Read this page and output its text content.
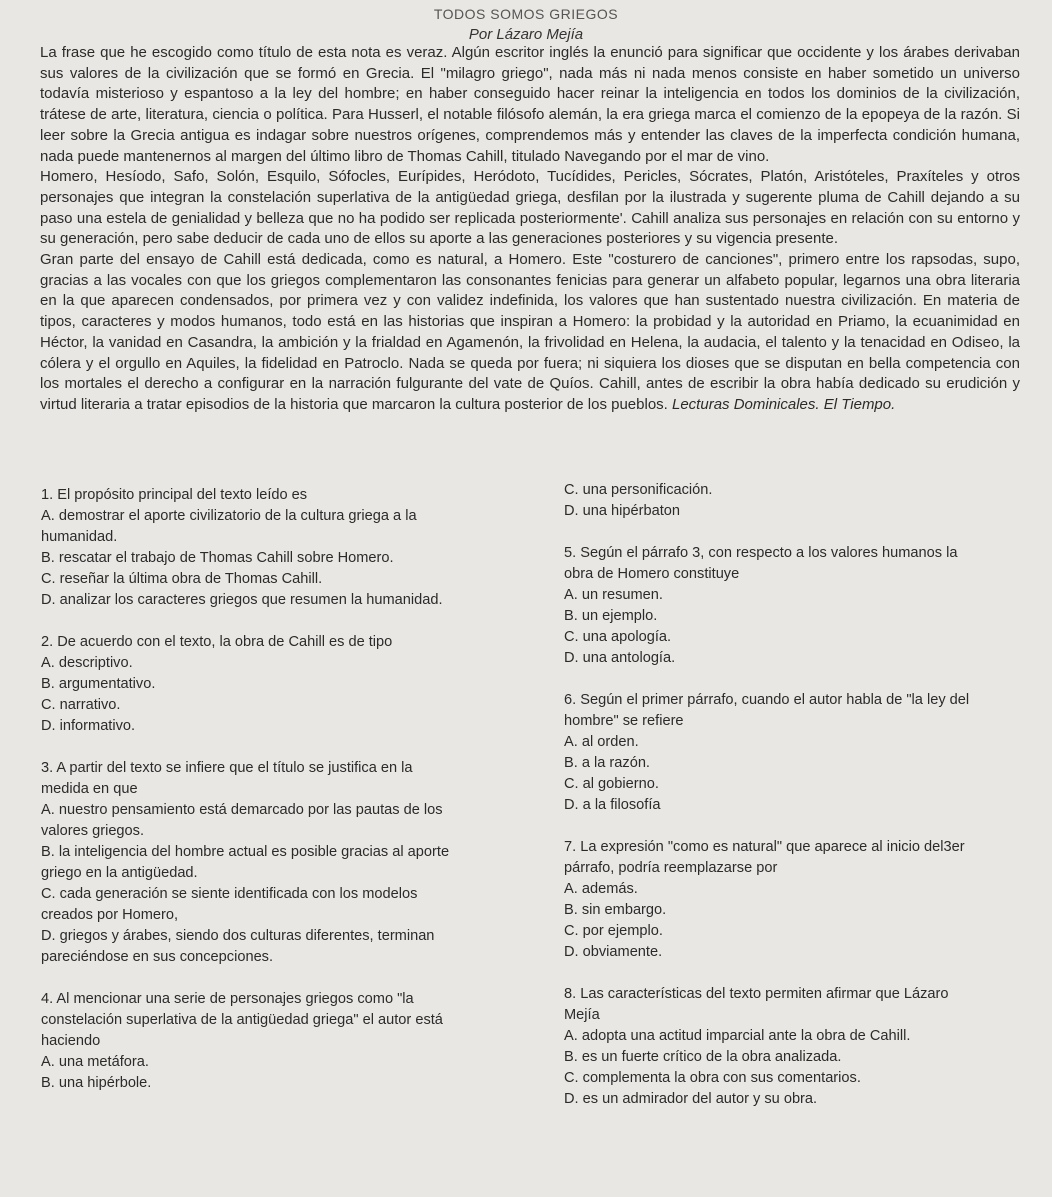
TODOS SOMOS GRIEGOS
Por Lázaro Mejía

La frase que he escogido como título de esta nota es veraz. Algún escritor inglés la enunció para significar que occidente y los árabes derivaban sus valores de la civilización que se formó en Grecia. El "milagro griego", nada más ni nada menos consiste en haber sometido un universo todavía misterioso y espantoso a la ley del hombre; en haber conseguido hacer reinar la inteligencia en todos los dominios de la civilización, trátese de arte, literatura, ciencia o política. Para Husserl, el notable filósofo alemán, la era griega marca el comienzo de la epopeya de la razón. Si leer sobre la Grecia antigua es indagar sobre nuestros orígenes, comprendemos más y entender las claves de la imperfecta condición humana, nada puede mantenernos al margen del último libro de Thomas Cahill, titulado Navegando por el mar de vino.

Homero, Hesíodo, Safo, Solón, Esquilo, Sófocles, Eurípides, Heródoto, Tucídides, Pericles, Sócrates, Platón, Aristóteles, Praxíteles y otros personajes que integran la constelación superlativa de la antigüedad griega, desfilan por la ilustrada y sugerente pluma de Cahill dejando a su paso una estela de genialidad y belleza que no ha podido ser replicada posteriormente'. Cahill analiza sus personajes en relación con su entorno y su generación, pero sabe deducir de cada uno de ellos su aporte a las generaciones posteriores y su vigencia presente.

Gran parte del ensayo de Cahill está dedicada, como es natural, a Homero. Este "costurero de canciones", primero entre los rapsodas, supo, gracias a las vocales con que los griegos complementaron las consonantes fenicias para generar un alfabeto popular, legarnos una obra literaria en la que aparecen condensados, por primera vez y con validez indefinida, los valores que han sustentado nuestra civilización. En materia de tipos, caracteres y modos humanos, todo está en las historias que inspiran a Homero: la probidad y la autoridad en Priamo, la ecuanimidad en Héctor, la vanidad en Casandra, la ambición y la frialdad en Agamenón, la frivolidad en Helena, la audacia, el talento y la tenacidad en Odiseo, la cólera y el orgullo en Aquiles, la fidelidad en Patroclo. Nada se queda por fuera; ni siquiera los dioses que se disputan en bella competencia con los mortales el derecho a configurar en la narración fulgurante del vate de Quíos. Cahill, antes de escribir la obra había dedicado su erudición y virtud literaria a tratar episodios de la historia que marcaron la cultura posterior de los pueblos. Lecturas Dominicales. El Tiempo.

1. El propósito principal del texto leído es
A. demostrar el aporte civilizatorio de la cultura griega a la
humanidad.
B. rescatar el trabajo de Thomas Cahill sobre Homero.
C. reseñar la última obra de Thomas Cahill.
D. analizar los caracteres griegos que resumen la humanidad.
2. De acuerdo con el texto, la obra de Cahill es de tipo
A. descriptivo.
B. argumentativo.
C. narrativo.
D. informativo.
3. A partir del texto se infiere que el título se justifica en la
medida en que
A. nuestro pensamiento está demarcado por las pautas de los
valores griegos.
B. la inteligencia del hombre actual es posible gracias al aporte
griego en la antigüedad.
C. cada generación se siente identificada con los modelos
creados por Homero,
D. griegos y árabes, siendo dos culturas diferentes, terminan
pareciéndose en sus concepciones.
4. Al mencionar una serie de personajes griegos como "la
constelación superlativa de la antigüedad griega" el autor está
haciendo
A. una metáfora.
B. una hipérbole.
C. una personificación.
D. una hipérbaton
5. Según el párrafo 3, con respecto a los valores humanos la
obra de Homero constituye
A. un resumen.
B. un ejemplo.
C. una apología.
D. una antología.
6. Según el primer párrafo, cuando el autor habla de "la ley del
hombre" se refiere
A. al orden.
B. a la razón.
C. al gobierno.
D. a la filosofía
7. La expresión "como es natural" que aparece al inicio del3er
párrafo, podría reemplazarse por
A. además.
B. sin embargo.
C. por ejemplo.
D. obviamente.
8. Las características del texto permiten afirmar que Lázaro
Mejía
A. adopta una actitud imparcial ante la obra de Cahill.
B. es un fuerte crítico de la obra analizada.
C. complementa la obra con sus comentarios.
D. es un admirador del autor y su obra.
